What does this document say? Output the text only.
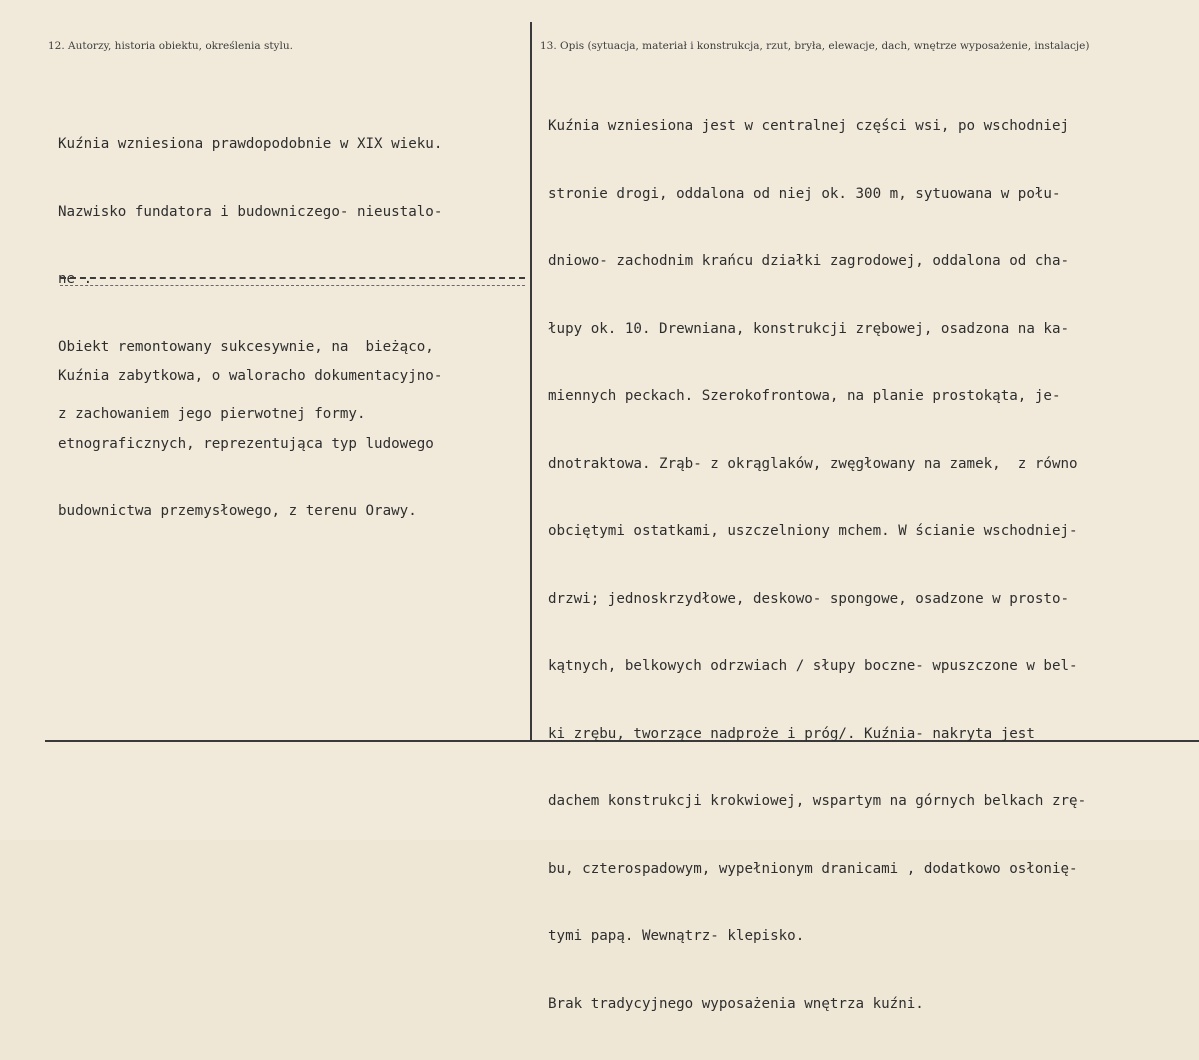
12. Autorzy, historia obiektu, określenia stylu.	13. Opis (sytuacja, materiał i konstrukcja, rzut, bryła, elewacje, dach, wnętrze wyposażenie, instalacje)

Kuźnia wzniesiona prawdopodobnie w XIX wieku.

Nazwisko fundatora i budowniczego- nieustalo-

ne .

Obiekt remontowany sukcesywnie, na  bieżąco,

z zachowaniem jego pierwotnej formy.

Kuźnia zabytkowa, o waloracho dokumentacyjno-

etnograficznych, reprezentująca typ ludowego

budownictwa przemysłowego, z terenu Orawy.

Kuźnia wzniesiona jest w centralnej części wsi, po wschodniej

stronie drogi, oddalona od niej ok. 300 m, sytuowana w połu-

dniowo- zachodnim krańcu działki zagrodowej, oddalona od cha-

łupy ok. 10. Drewniana, konstrukcji zrębowej, osadzona na ka-

miennych peckach. Szerokofrontowa, na planie prostokąta, je-

dnotraktowa. Zrąb- z okrąglaków, zwęgłowany na zamek,  z równo

obciętymi ostatkami, uszczelniony mchem. W ścianie wschodniej-

drzwi; jednoskrzydłowe, deskowo- spongowe, osadzone w prosto-

kątnych, belkowych odrzwiach / słupy boczne- wpuszczone w bel-

ki zrębu, tworzące nadproże i próg/. Kuźnia- nakryta jest

dachem konstrukcji krokwiowej, wspartym na górnych belkach zrę-

bu, czterospadowym, wypełnionym dranicami , dodatkowo osłonię-

tymi papą. Wewnątrz- klepisko.

Brak tradycyjnego wyposażenia wnętrza kuźni.
